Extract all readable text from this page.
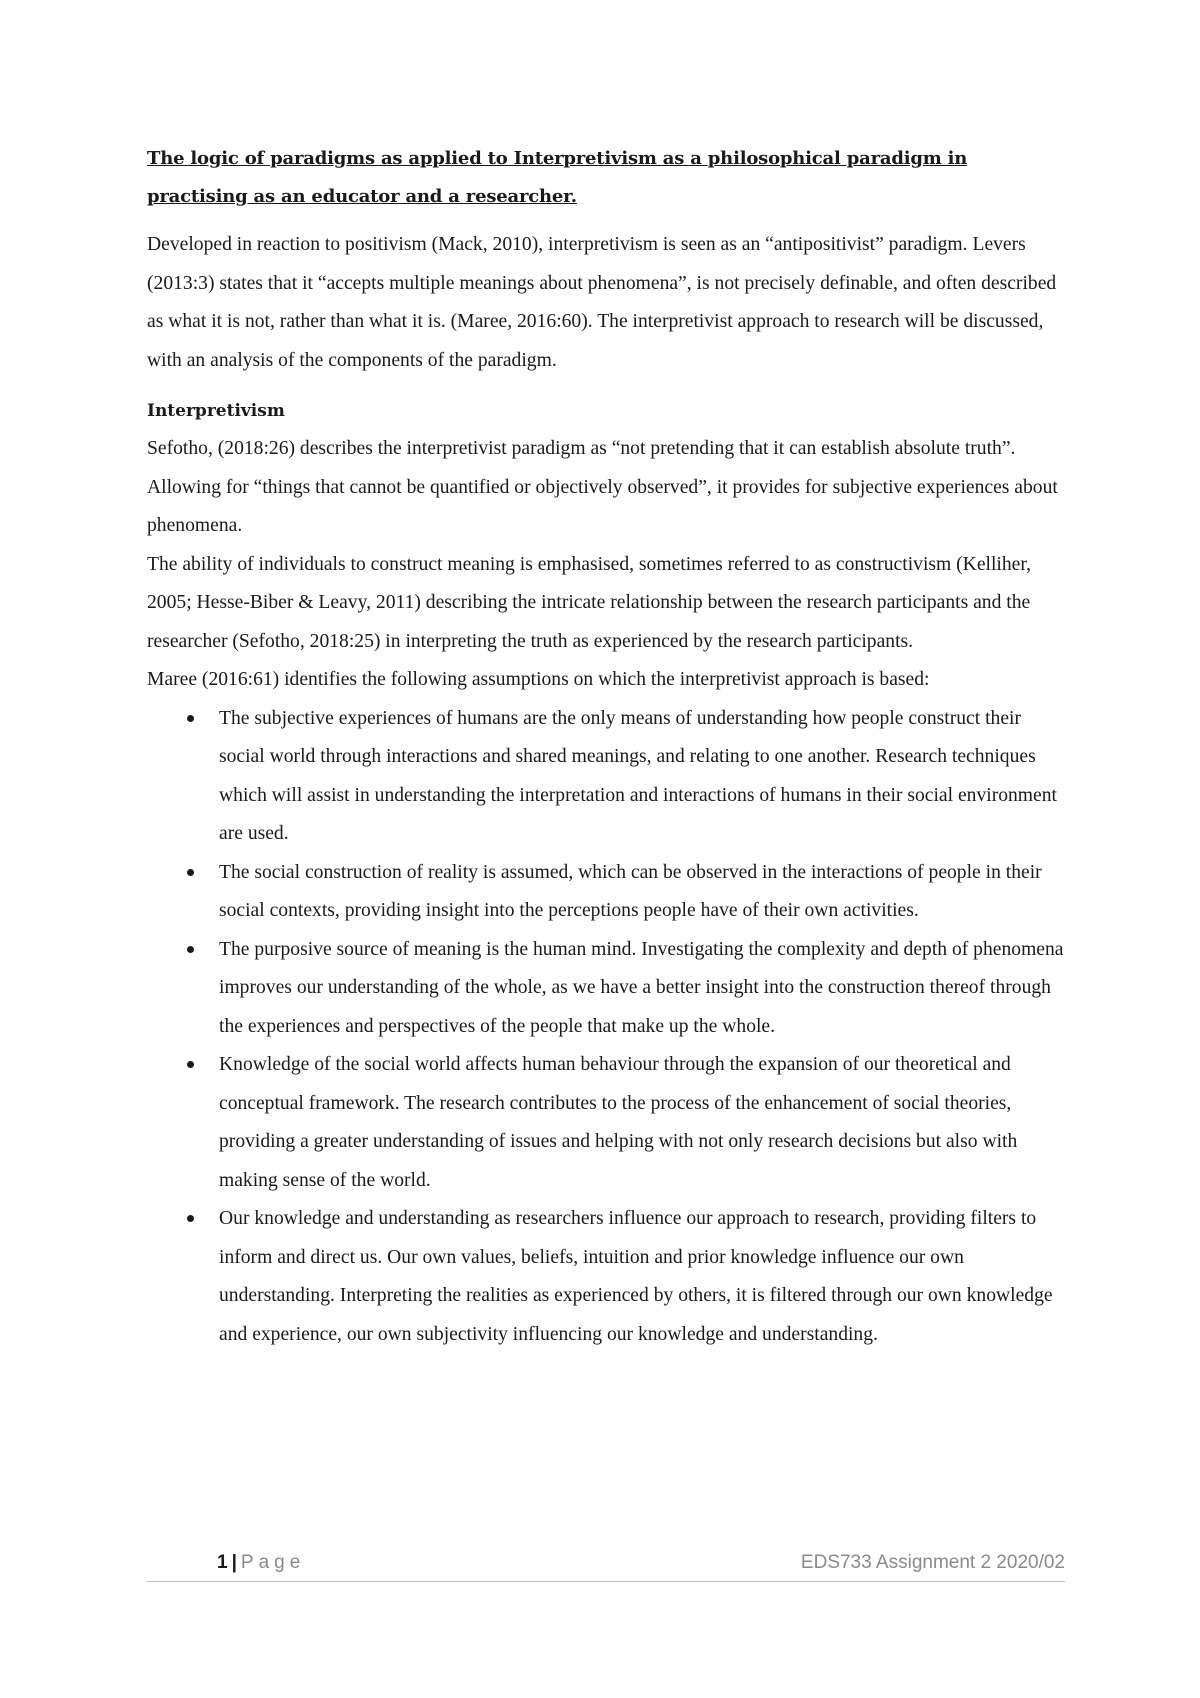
The logic of paradigms as applied to Interpretivism as a philosophical paradigm in practising as an educator and a researcher.

Developed in reaction to positivism (Mack, 2010), interpretivism is seen as an “antipositivist” paradigm. Levers (2013:3) states that it “accepts multiple meanings about phenomena”, is not precisely definable, and often described as what it is not, rather than what it is. (Maree, 2016:60). The interpretivist approach to research will be discussed, with an analysis of the components of the paradigm.

Interpretivism

Sefotho, (2018:26) describes the interpretivist paradigm as “not pretending that it can establish absolute truth”. Allowing for “things that cannot be quantified or objectively observed”, it provides for subjective experiences about phenomena.

The ability of individuals to construct meaning is emphasised, sometimes referred to as constructivism (Kelliher, 2005; Hesse-Biber & Leavy, 2011) describing the intricate relationship between the research participants and the researcher (Sefotho, 2018:25) in interpreting the truth as experienced by the research participants.

Maree (2016:61) identifies the following assumptions on which the interpretivist approach is based:

The subjective experiences of humans are the only means of understanding how people construct their social world through interactions and shared meanings, and relating to one another. Research techniques which will assist in understanding the interpretation and interactions of humans in their social environment are used.
The social construction of reality is assumed, which can be observed in the interactions of people in their social contexts, providing insight into the perceptions people have of their own activities.
The purposive source of meaning is the human mind. Investigating the complexity and depth of phenomena improves our understanding of the whole, as we have a better insight into the construction thereof through the experiences and perspectives of the people that make up the whole.
Knowledge of the social world affects human behaviour through the expansion of our theoretical and conceptual framework. The research contributes to the process of the enhancement of social theories, providing a greater understanding of issues and helping with not only research decisions but also with making sense of the world.
Our knowledge and understanding as researchers influence our approach to research, providing filters to inform and direct us. Our own values, beliefs, intuition and prior knowledge influence our own understanding. Interpreting the realities as experienced by others, it is filtered through our own knowledge and experience, our own subjectivity influencing our knowledge and understanding.
1 | Page	EDS733 Assignment 2 2020/02
